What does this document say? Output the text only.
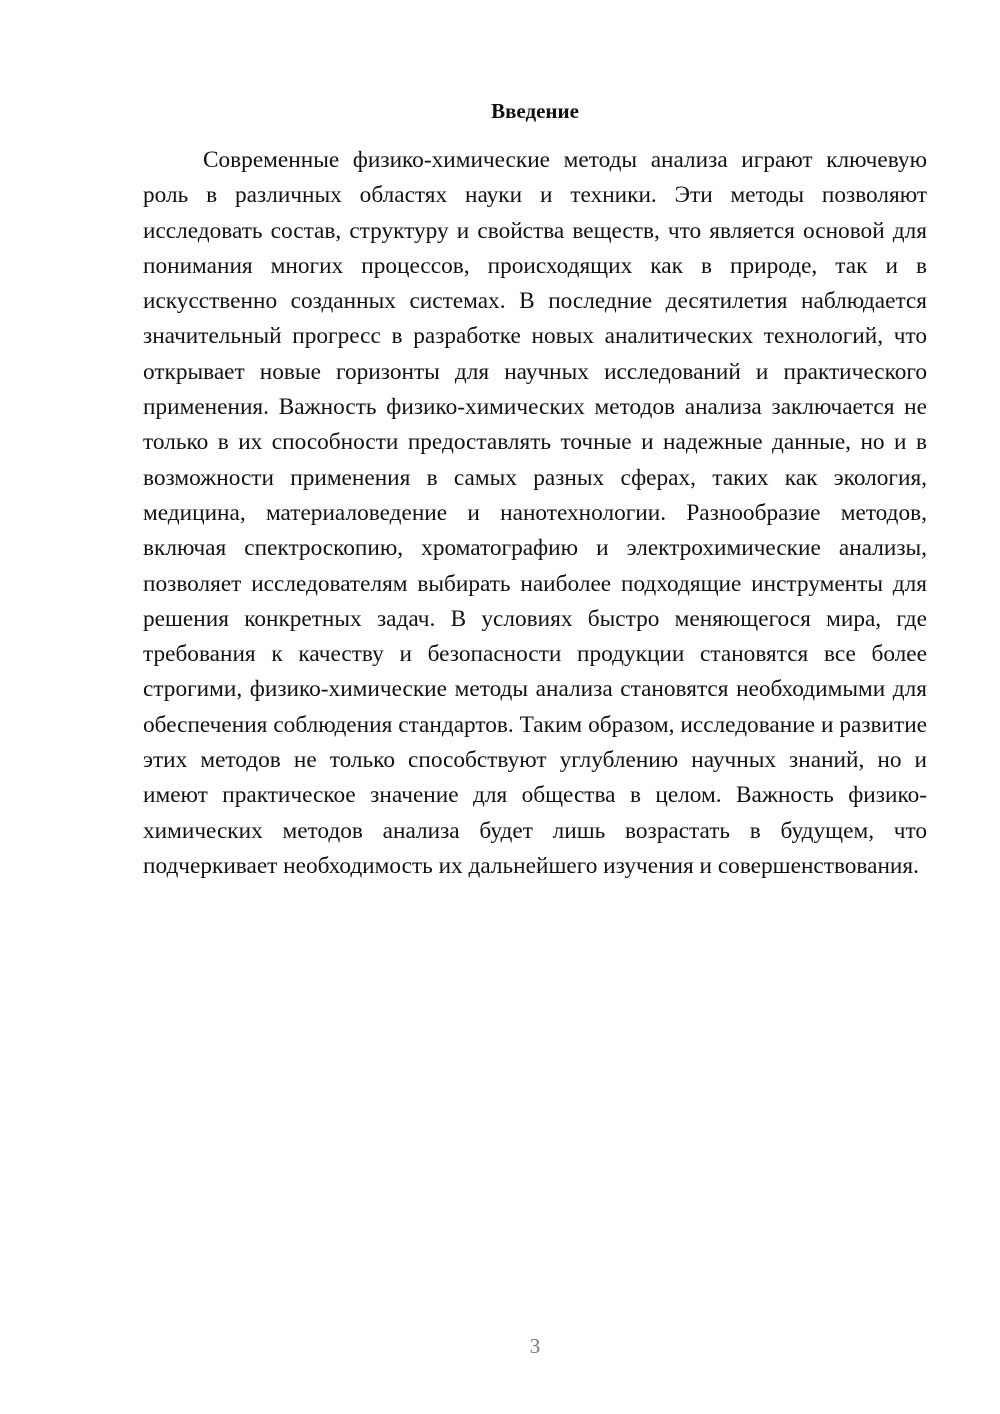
Введение

Современные физико-химические методы анализа играют ключевую роль в различных областях науки и техники. Эти методы позволяют исследовать состав, структуру и свойства веществ, что является основой для понимания многих процессов, происходящих как в природе, так и в искусственно созданных системах. В последние десятилетия наблюдается значительный прогресс в разработке новых аналитических технологий, что открывает новые горизонты для научных исследований и практического применения. Важность физико-химических методов анализа заключается не только в их способности предоставлять точные и надежные данные, но и в возможности применения в самых разных сферах, таких как экология, медицина, материаловедение и нанотехнологии. Разнообразие методов, включая спектроскопию, хроматографию и электрохимические анализы, позволяет исследователям выбирать наиболее подходящие инструменты для решения конкретных задач. В условиях быстро меняющегося мира, где требования к качеству и безопасности продукции становятся все более строгими, физико-химические методы анализа становятся необходимыми для обеспечения соблюдения стандартов. Таким образом, исследование и развитие этих методов не только способствуют углублению научных знаний, но и имеют практическое значение для общества в целом. Важность физико-химических методов анализа будет лишь возрастать в будущем, что подчеркивает необходимость их дальнейшего изучения и совершенствования.

3
